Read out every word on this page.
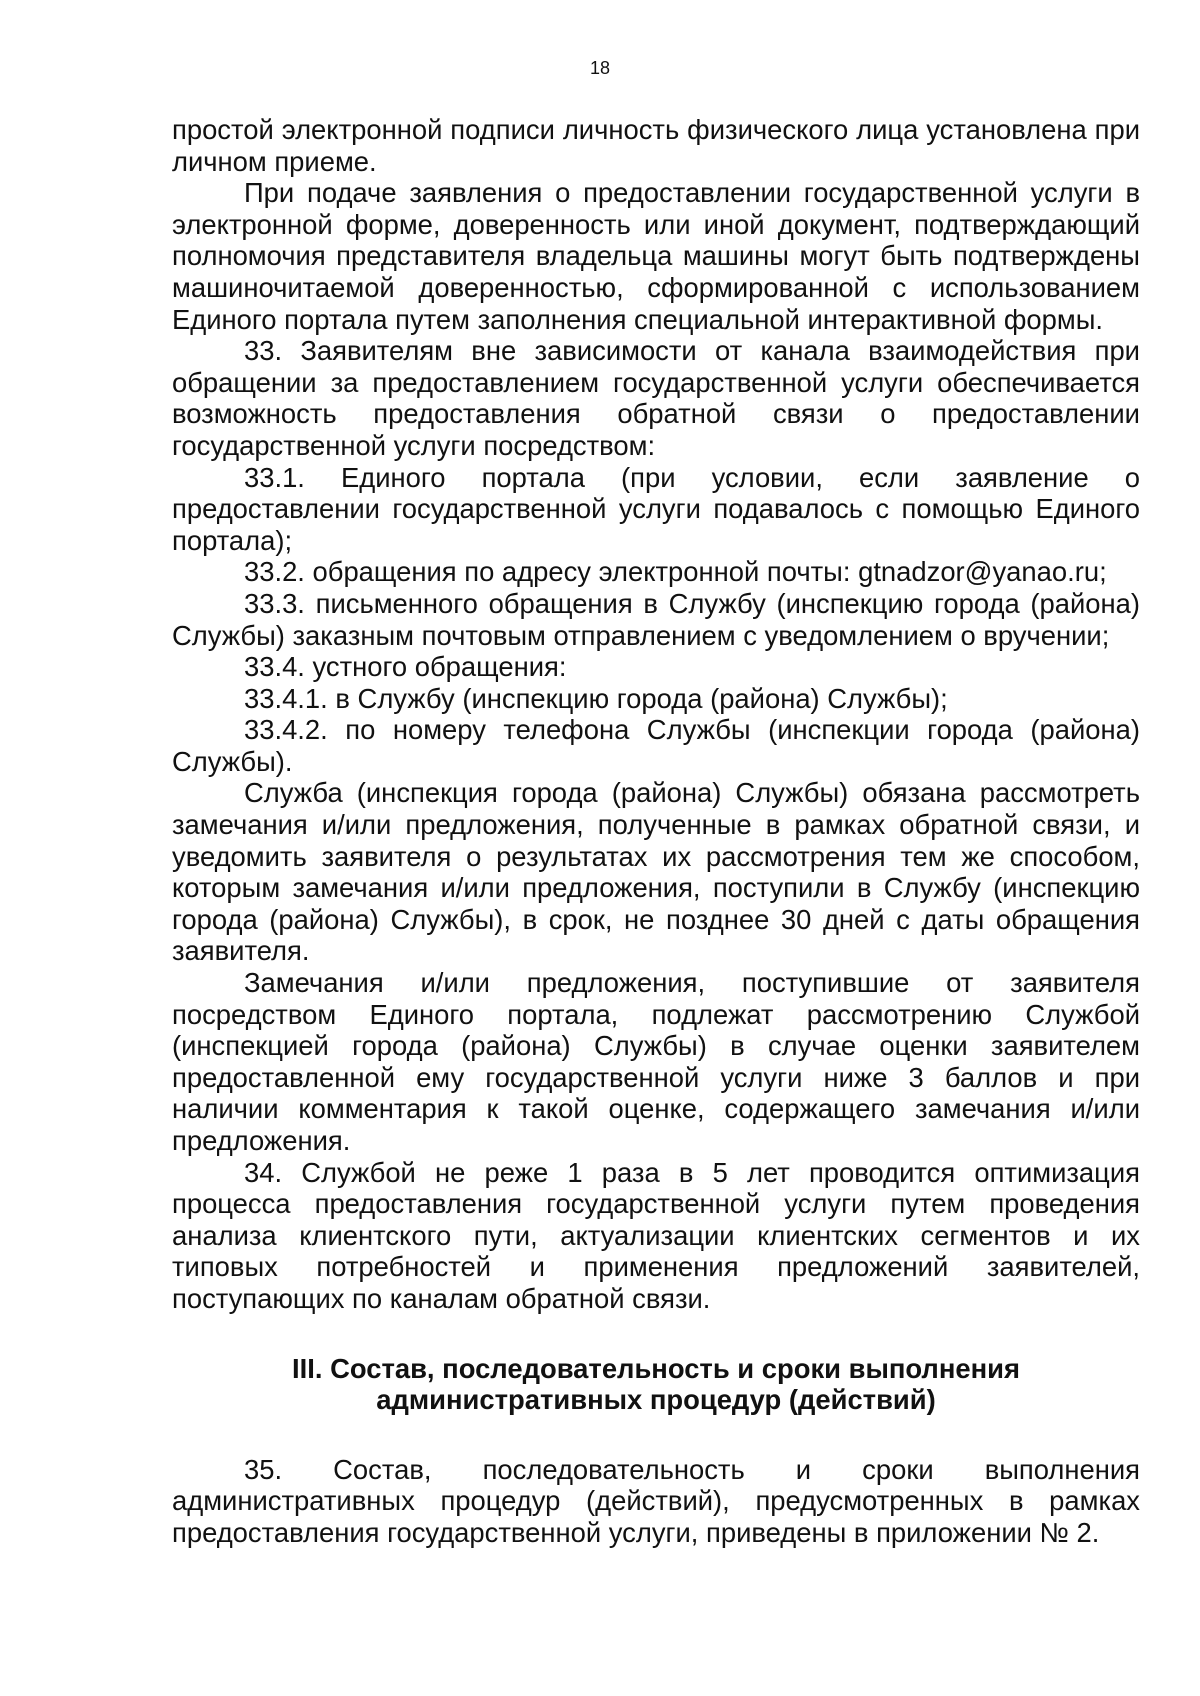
18

простой электронной подписи личность физического лица установлена при личном приеме.

При подаче заявления о предоставлении государственной услуги в электронной форме, доверенность или иной документ, подтверждающий полномочия представителя владельца машины могут быть подтверждены машиночитаемой доверенностью, сформированной с использованием Единого портала путем заполнения специальной интерактивной формы.

33. Заявителям вне зависимости от канала взаимодействия при обращении за предоставлением государственной услуги обеспечивается возможность предоставления обратной связи о предоставлении государственной услуги посредством:

33.1. Единого портала (при условии, если заявление о предоставлении государственной услуги подавалось с помощью Единого портала);

33.2. обращения по адресу электронной почты: gtnadzor@yanao.ru;

33.3. письменного обращения в Службу (инспекцию города (района) Службы) заказным почтовым отправлением с уведомлением о вручении;

33.4. устного обращения:

33.4.1. в Службу (инспекцию города (района) Службы);

33.4.2. по номеру телефона Службы (инспекции города (района) Службы).

Служба (инспекция города (района) Службы) обязана рассмотреть замечания и/или предложения, полученные в рамках обратной связи, и уведомить заявителя о результатах их рассмотрения тем же способом, которым замечания и/или предложения, поступили в Службу (инспекцию города (района) Службы), в срок, не позднее 30 дней с даты обращения заявителя.

Замечания и/или предложения, поступившие от заявителя посредством Единого портала, подлежат рассмотрению Службой (инспекцией города (района) Службы) в случае оценки заявителем предоставленной ему государственной услуги ниже 3 баллов и при наличии комментария к такой оценке, содержащего замечания и/или предложения.

34. Службой не реже 1 раза в 5 лет проводится оптимизация процесса предоставления государственной услуги путем проведения анализа клиентского пути, актуализации клиентских сегментов и их типовых потребностей и применения предложений заявителей, поступающих по каналам обратной связи.

III. Состав, последовательность и сроки выполнения
административных процедур (действий)

35. Состав, последовательность и сроки выполнения административных процедур (действий), предусмотренных в рамках предоставления государственной услуги, приведены в приложении № 2.
